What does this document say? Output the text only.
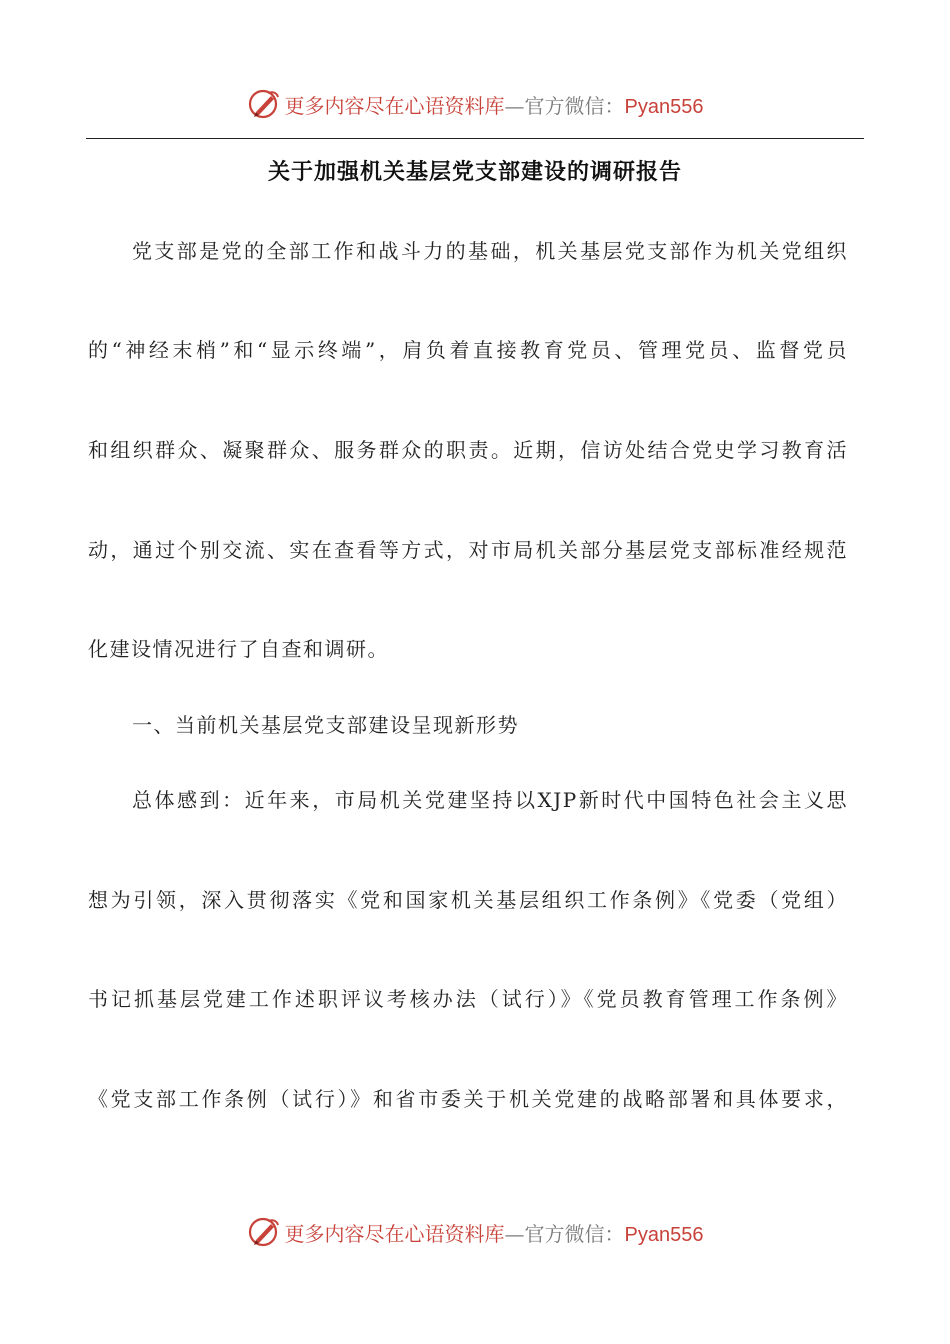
更多内容尽在心语资料库—官方微信：Pyan556
关于加强机关基层党支部建设的调研报告
党支部是党的全部工作和战斗力的基础，机关基层党支部作为机关党组织
的“神经末梢”和“显示终端”，肩负着直接教育党员、管理党员、监督党员
和组织群众、凝聚群众、服务群众的职责。近期，信访处结合党史学习教育活
动，通过个别交流、实在查看等方式，对市局机关部分基层党支部标准经规范
化建设情况进行了自查和调研。
一、当前机关基层党支部建设呈现新形势
总体感到：近年来，市局机关党建坚持以XJP新时代中国特色社会主义思
想为引领，深入贯彻落实《党和国家机关基层组织工作条例》《党委（党组）
书记抓基层党建工作述职评议考核办法（试行）》《党员教育管理工作条例》
《党支部工作条例（试行）》和省市委关于机关党建的战略部署和具体要求，
更多内容尽在心语资料库—官方微信：Pyan556
